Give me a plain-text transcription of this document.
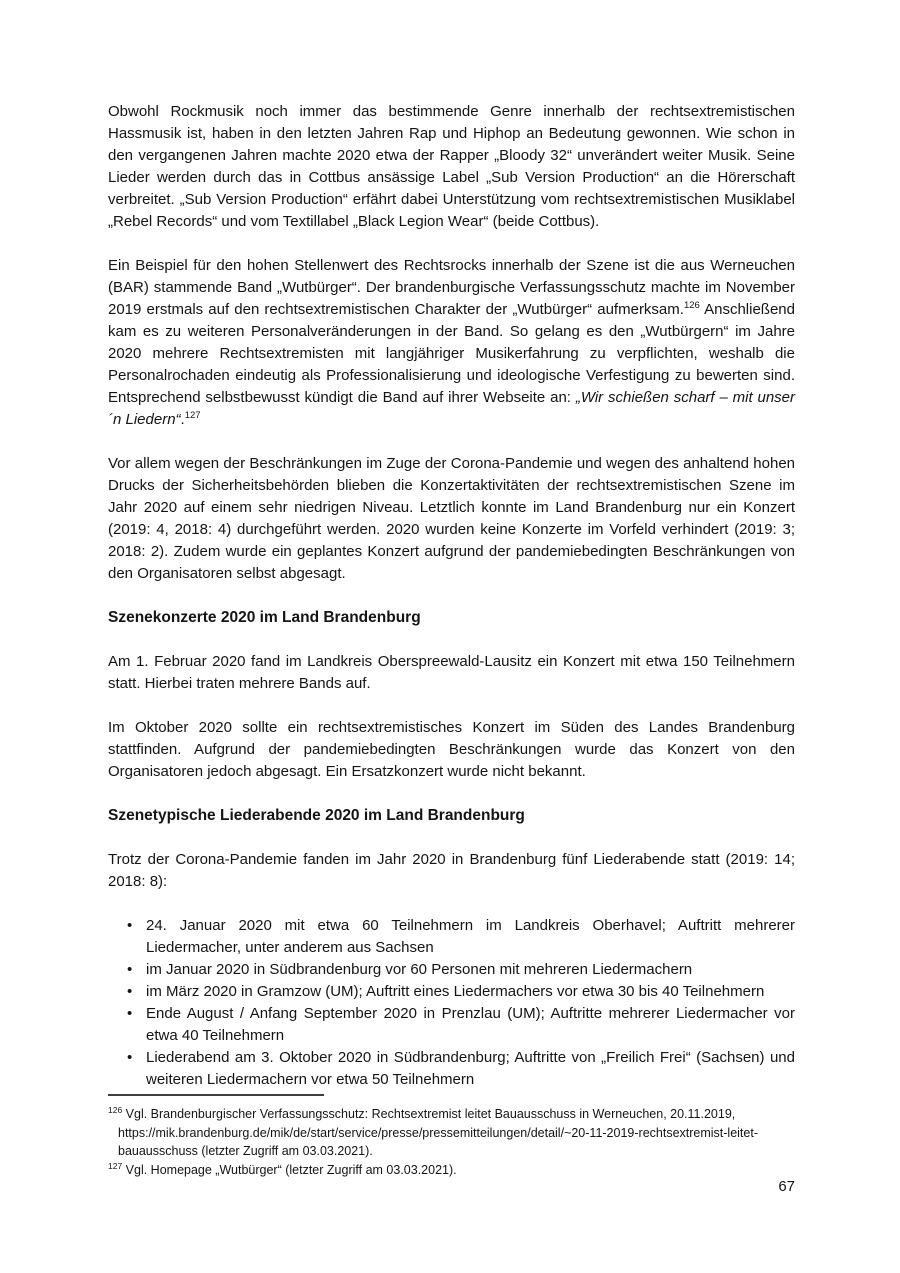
Obwohl Rockmusik noch immer das bestimmende Genre innerhalb der rechtsextremistischen Hassmusik ist, haben in den letzten Jahren Rap und Hiphop an Bedeutung gewonnen. Wie schon in den vergangenen Jahren machte 2020 etwa der Rapper „Bloody 32“ unverändert weiter Musik. Seine Lieder werden durch das in Cottbus ansässige Label „Sub Version Production“ an die Hörerschaft verbreitet. „Sub Version Production“ erfährt dabei Unterstützung vom rechtsextremistischen Musiklabel „Rebel Records“ und vom Textillabel „Black Legion Wear“ (beide Cottbus).

Ein Beispiel für den hohen Stellenwert des Rechtsrocks innerhalb der Szene ist die aus Werneuchen (BAR) stammende Band „Wutbürger“. Der brandenburgische Verfassungsschutz machte im November 2019 erstmals auf den rechtsextremistischen Charakter der „Wutbürger“ aufmerksam.$^{126}$ Anschließend kam es zu weiteren Personalveränderungen in der Band. So gelang es den „Wutbürgern“ im Jahre 2020 mehrere Rechtsextremisten mit langjähriger Musikerfahrung zu verpflichten, weshalb die Personalrochaden eindeutig als Professionalisierung und ideologische Verfestigung zu bewerten sind. Entsprechend selbstbewusst kündigt die Band auf ihrer Webseite an: „Wir schießen scharf – mit unser´n Liedern“.$^{127}$

Vor allem wegen der Beschränkungen im Zuge der Corona-Pandemie und wegen des anhaltend hohen Drucks der Sicherheitsbehörden blieben die Konzertaktivitäten der rechtsextremistischen Szene im Jahr 2020 auf einem sehr niedrigen Niveau. Letztlich konnte im Land Brandenburg nur ein Konzert (2019: 4, 2018: 4) durchgeführt werden. 2020 wurden keine Konzerte im Vorfeld verhindert (2019: 3; 2018: 2). Zudem wurde ein geplantes Konzert aufgrund der pandemiebedingten Beschränkungen von den Organisatoren selbst abgesagt.

Szenekonzerte 2020 im Land Brandenburg

Am 1. Februar 2020 fand im Landkreis Oberspreewald-Lausitz ein Konzert mit etwa 150 Teilnehmern statt. Hierbei traten mehrere Bands auf.

Im Oktober 2020 sollte ein rechtsextremistisches Konzert im Süden des Landes Brandenburg stattfinden. Aufgrund der pandemiebedingten Beschränkungen wurde das Konzert von den Organisatoren jedoch abgesagt. Ein Ersatzkonzert wurde nicht bekannt.

Szenetypische Liederabende 2020 im Land Brandenburg

Trotz der Corona-Pandemie fanden im Jahr 2020 in Brandenburg fünf Liederabende statt (2019: 14; 2018: 8):

• 24. Januar 2020 mit etwa 60 Teilnehmern im Landkreis Oberhavel; Auftritt mehrerer Liedermacher, unter anderem aus Sachsen
• im Januar 2020 in Südbrandenburg vor 60 Personen mit mehreren Liedermachern
• im März 2020 in Gramzow (UM); Auftritt eines Liedermachers vor etwa 30 bis 40 Teilnehmern
• Ende August / Anfang September 2020 in Prenzlau (UM); Auftritte mehrerer Liedermacher vor etwa 40 Teilnehmern
• Liederabend am 3. Oktober 2020 in Südbrandenburg; Auftritte von „Freilich Frei“ (Sachsen) und weiteren Liedermachern vor etwa 50 Teilnehmern

$^{126}$ Vgl. Brandenburgischer Verfassungsschutz: Rechtsextremist leitet Bauausschuss in Werneuchen, 20.11.2019, https://mik.brandenburg.de/mik/de/start/service/presse/pressemitteilungen/detail/~20-11-2019-rechtsextremist-leitet-bauausschuss (letzter Zugriff am 03.03.2021).

$^{127}$ Vgl. Homepage „Wutbürger“ (letzter Zugriff am 03.03.2021).

67
